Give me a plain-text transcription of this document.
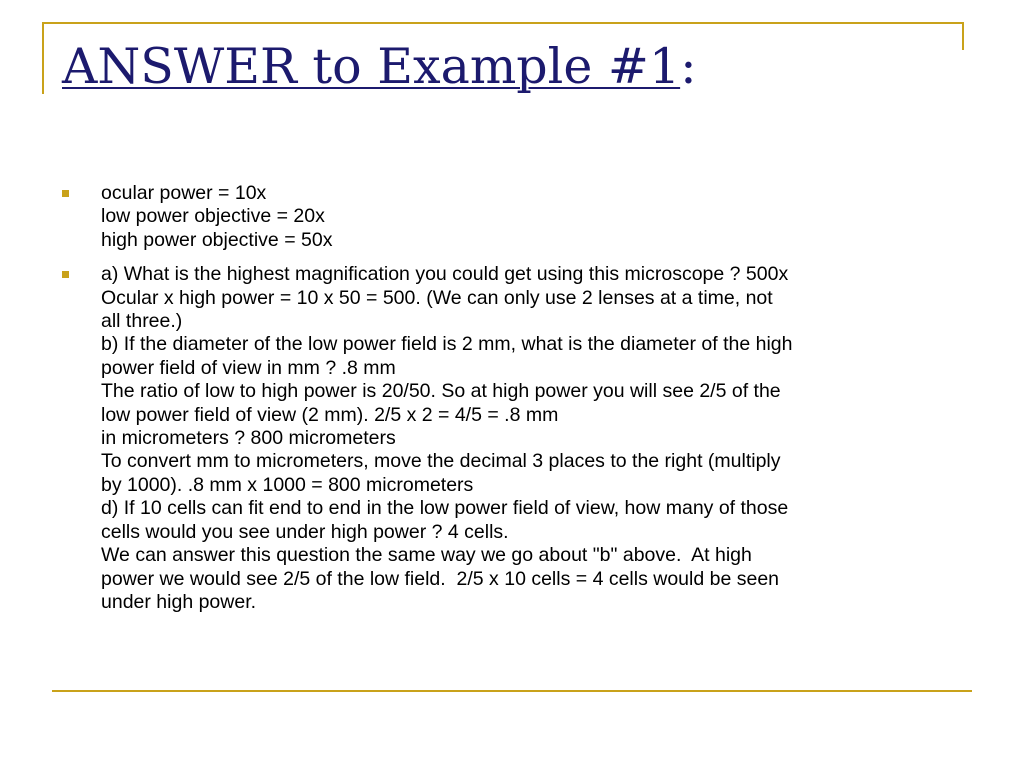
ANSWER to Example #1:
ocular power = 10x
low power objective = 20x
high power objective = 50x
a) What is the highest magnification you could get using this microscope ? 500x
Ocular x high power = 10 x 50 = 500. (We can only use 2 lenses at a time, not
all three.)
b) If the diameter of the low power field is 2 mm, what is the diameter of the high
power field of view in mm ? .8 mm
The ratio of low to high power is 20/50. So at high power you will see 2/5 of the
low power field of view (2 mm). 2/5 x 2 = 4/5 = .8 mm
in micrometers ? 800 micrometers
To convert mm to micrometers, move the decimal 3 places to the right (multiply
by 1000). .8 mm x 1000 = 800 micrometers
d) If 10 cells can fit end to end in the low power field of view, how many of those
cells would you see under high power ? 4 cells.
We can answer this question the same way we go about "b" above.  At high
power we would see 2/5 of the low field.  2/5 x 10 cells = 4 cells would be seen
under high power.
